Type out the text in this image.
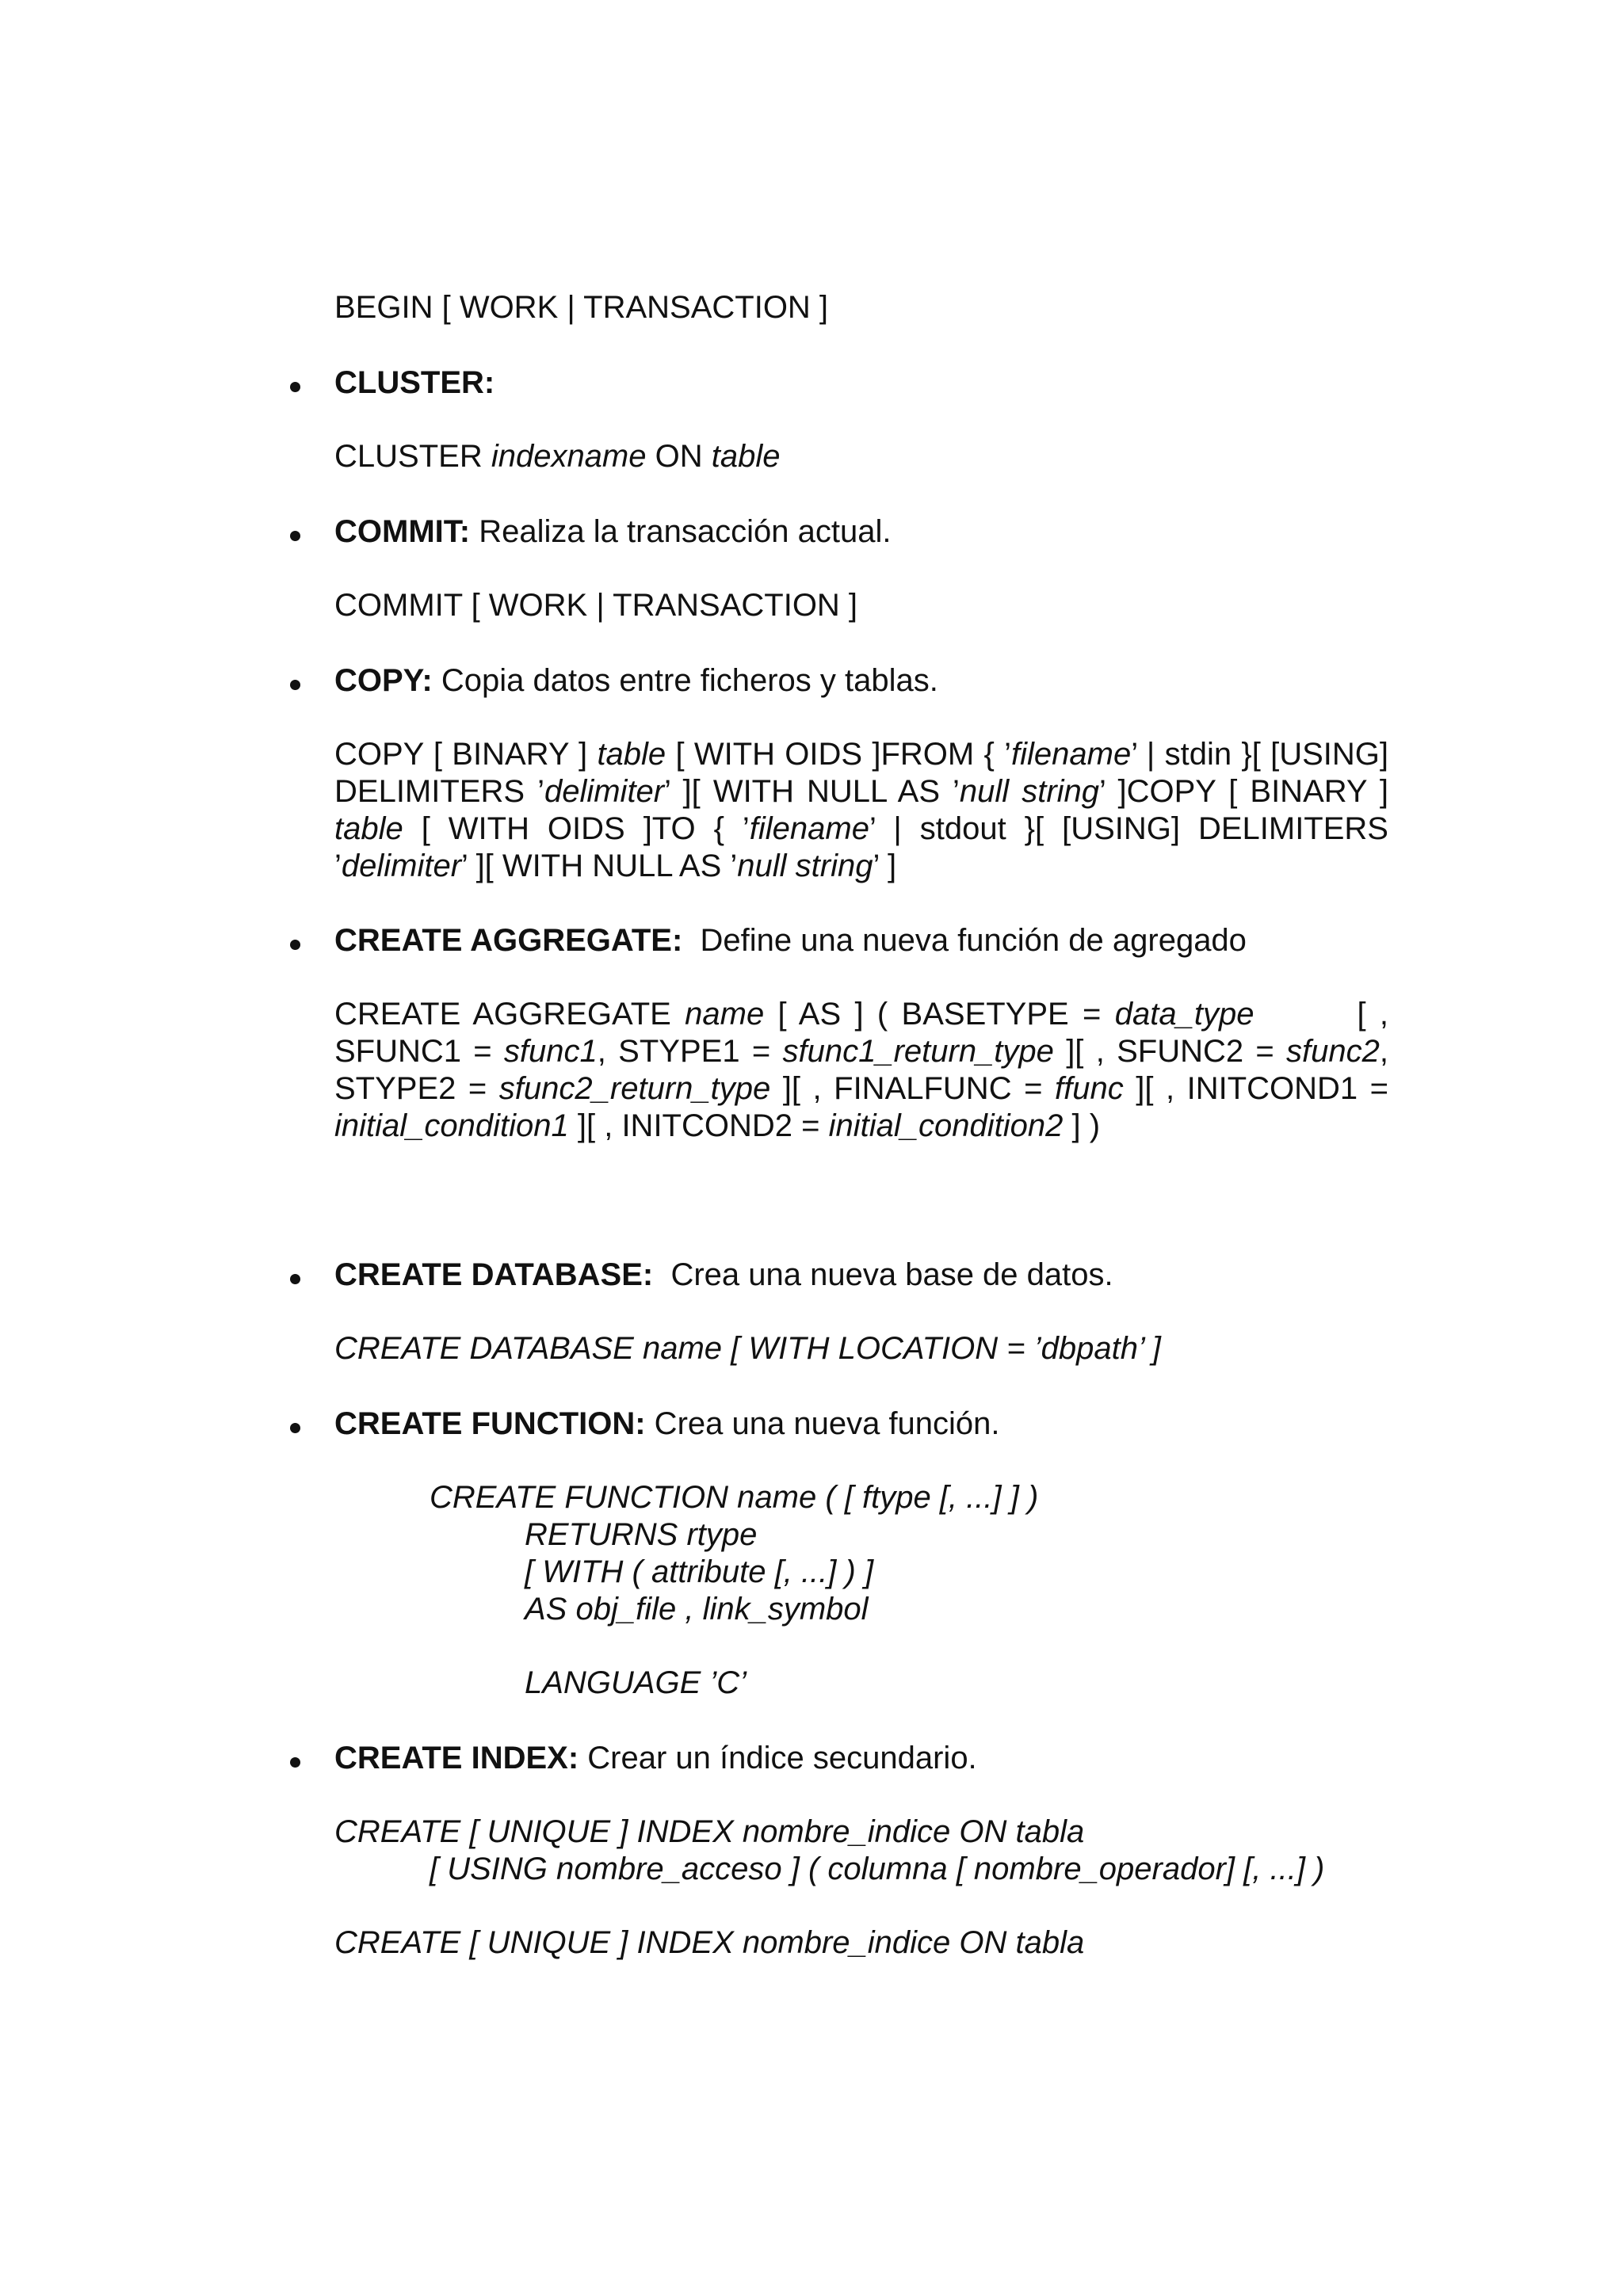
BEGIN [ WORK | TRANSACTION ]
CLUSTER:
CLUSTER indexname ON table
COMMIT: Realiza la transacción actual.
COMMIT [ WORK | TRANSACTION ]
COPY: Copia datos entre ficheros y tablas.
COPY [ BINARY ] table [ WITH OIDS ]FROM { ’filename’ | stdin }[ [USING]
DELIMITERS ’delimiter’ ][ WITH NULL AS ’null string’ ]COPY [ BINARY ]
table [ WITH OIDS ]TO { ’filename’ | stdout }[ [USING] DELIMITERS
’delimiter’ ][ WITH NULL AS ’null string’ ]
CREATE AGGREGATE:  Define una nueva función de agregado
CREATE AGGREGATE name [ AS ] ( BASETYPE = data_type	[ ,
SFUNC1 = sfunc1, STYPE1 = sfunc1_return_type ][ , SFUNC2 = sfunc2,
STYPE2 = sfunc2_return_type ][ , FINALFUNC = ffunc ][ , INITCOND1 =
initial_condition1 ][ , INITCOND2 = initial_condition2 ] )
CREATE DATABASE:  Crea una nueva base de datos.
CREATE DATABASE name [ WITH LOCATION = ’dbpath’ ]
CREATE FUNCTION: Crea una nueva función.
CREATE FUNCTION name ( [ ftype [, ...] ] )
RETURNS rtype
[ WITH ( attribute [, ...] ) ]
AS obj_file , link_symbol
LANGUAGE ’C’
CREATE INDEX: Crear un índice secundario.
CREATE [ UNIQUE ] INDEX nombre_indice ON tabla
[ USING nombre_acceso ] ( columna [ nombre_operador] [, ...] )
CREATE [ UNIQUE ] INDEX nombre_indice ON tabla
